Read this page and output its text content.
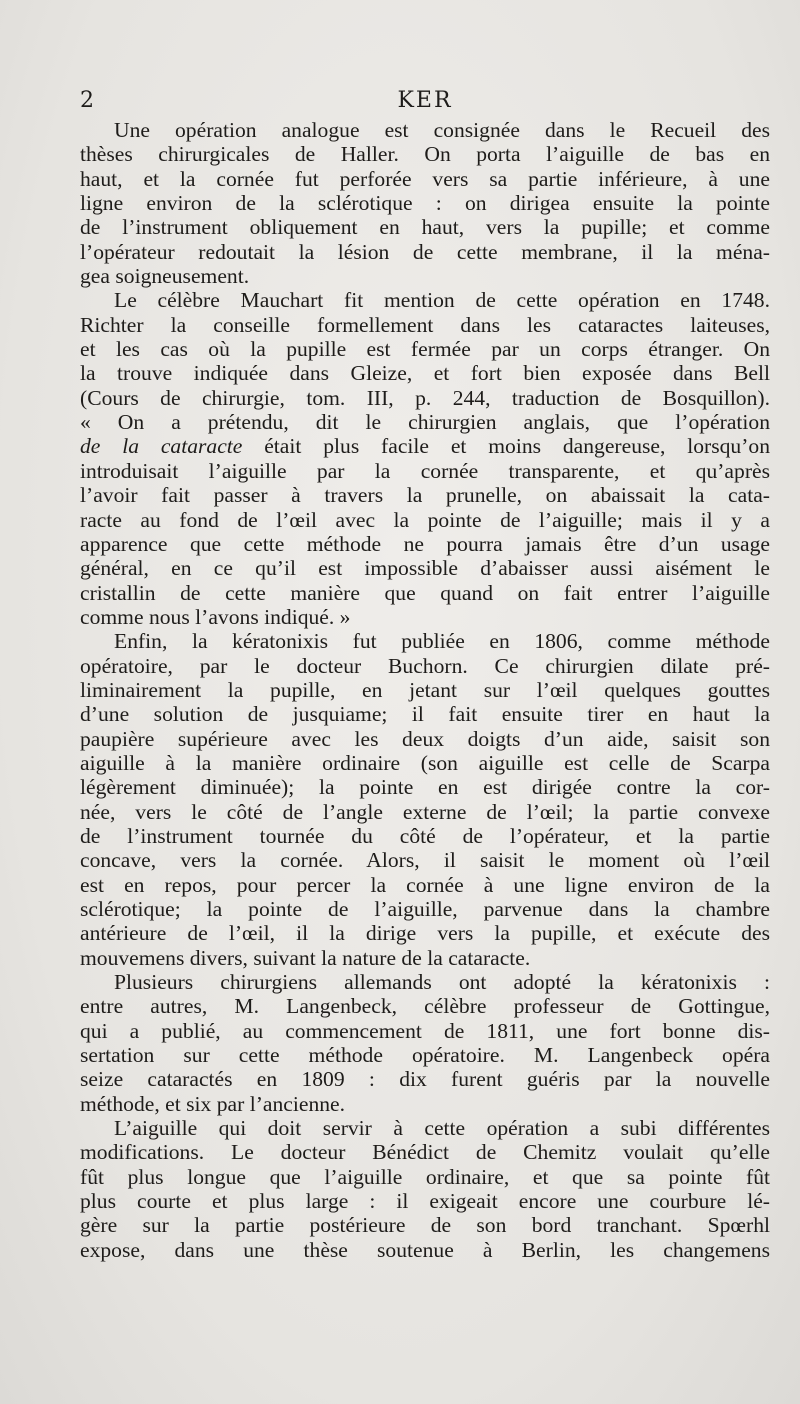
2	KER
Une opération analogue est consignée dans le Recueil des
thèses chirurgicales de Haller. On porta l’aiguille de bas en
haut, et la cornée fut perforée vers sa partie inférieure, à une
ligne environ de la sclérotique : on dirigea ensuite la pointe
de l’instrument obliquement en haut, vers la pupille; et comme
l’opérateur redoutait la lésion de cette membrane, il la ména-
gea soigneusement.
Le célèbre Mauchart fit mention de cette opération en 1748.
Richter la conseille formellement dans les cataractes laiteuses,
et les cas où la pupille est fermée par un corps étranger. On
la trouve indiquée dans Gleize, et fort bien exposée dans Bell
(Cours de chirurgie, tom. III, p. 244, traduction de Bosquillon).
« On a prétendu, dit le chirurgien anglais, que l’opération
de la cataracte était plus facile et moins dangereuse, lorsqu’on
introduisait l’aiguille par la cornée transparente, et qu’après
l’avoir fait passer à travers la prunelle, on abaissait la cata-
racte au fond de l’œil avec la pointe de l’aiguille; mais il y a
apparence que cette méthode ne pourra jamais être d’un usage
général, en ce qu’il est impossible d’abaisser aussi aisément le
cristallin de cette manière que quand on fait entrer l’aiguille
comme nous l’avons indiqué. »
Enfin, la kératonixis fut publiée en 1806, comme méthode
opératoire, par le docteur Buchorn. Ce chirurgien dilate pré-
liminairement la pupille, en jetant sur l’œil quelques gouttes
d’une solution de jusquiame; il fait ensuite tirer en haut la
paupière supérieure avec les deux doigts d’un aide, saisit son
aiguille à la manière ordinaire (son aiguille est celle de Scarpa
légèrement diminuée); la pointe en est dirigée contre la cor-
née, vers le côté de l’angle externe de l’œil; la partie convexe
de l’instrument tournée du côté de l’opérateur, et la partie
concave, vers la cornée. Alors, il saisit le moment où l’œil
est en repos, pour percer la cornée à une ligne environ de la
sclérotique; la pointe de l’aiguille, parvenue dans la chambre
antérieure de l’œil, il la dirige vers la pupille, et exécute des
mouvemens divers, suivant la nature de la cataracte.
Plusieurs chirurgiens allemands ont adopté la kératonixis :
entre autres, M. Langenbeck, célèbre professeur de Gottingue,
qui a publié, au commencement de 1811, une fort bonne dis-
sertation sur cette méthode opératoire. M. Langenbeck opéra
seize cataractés en 1809 : dix furent guéris par la nouvelle
méthode, et six par l’ancienne.
L’aiguille qui doit servir à cette opération a subi différentes
modifications. Le docteur Bénédict de Chemitz voulait qu’elle
fût plus longue que l’aiguille ordinaire, et que sa pointe fût
plus courte et plus large : il exigeait encore une courbure lé-
gère sur la partie postérieure de son bord tranchant. Spœrhl
expose, dans une thèse soutenue à Berlin, les changemens
